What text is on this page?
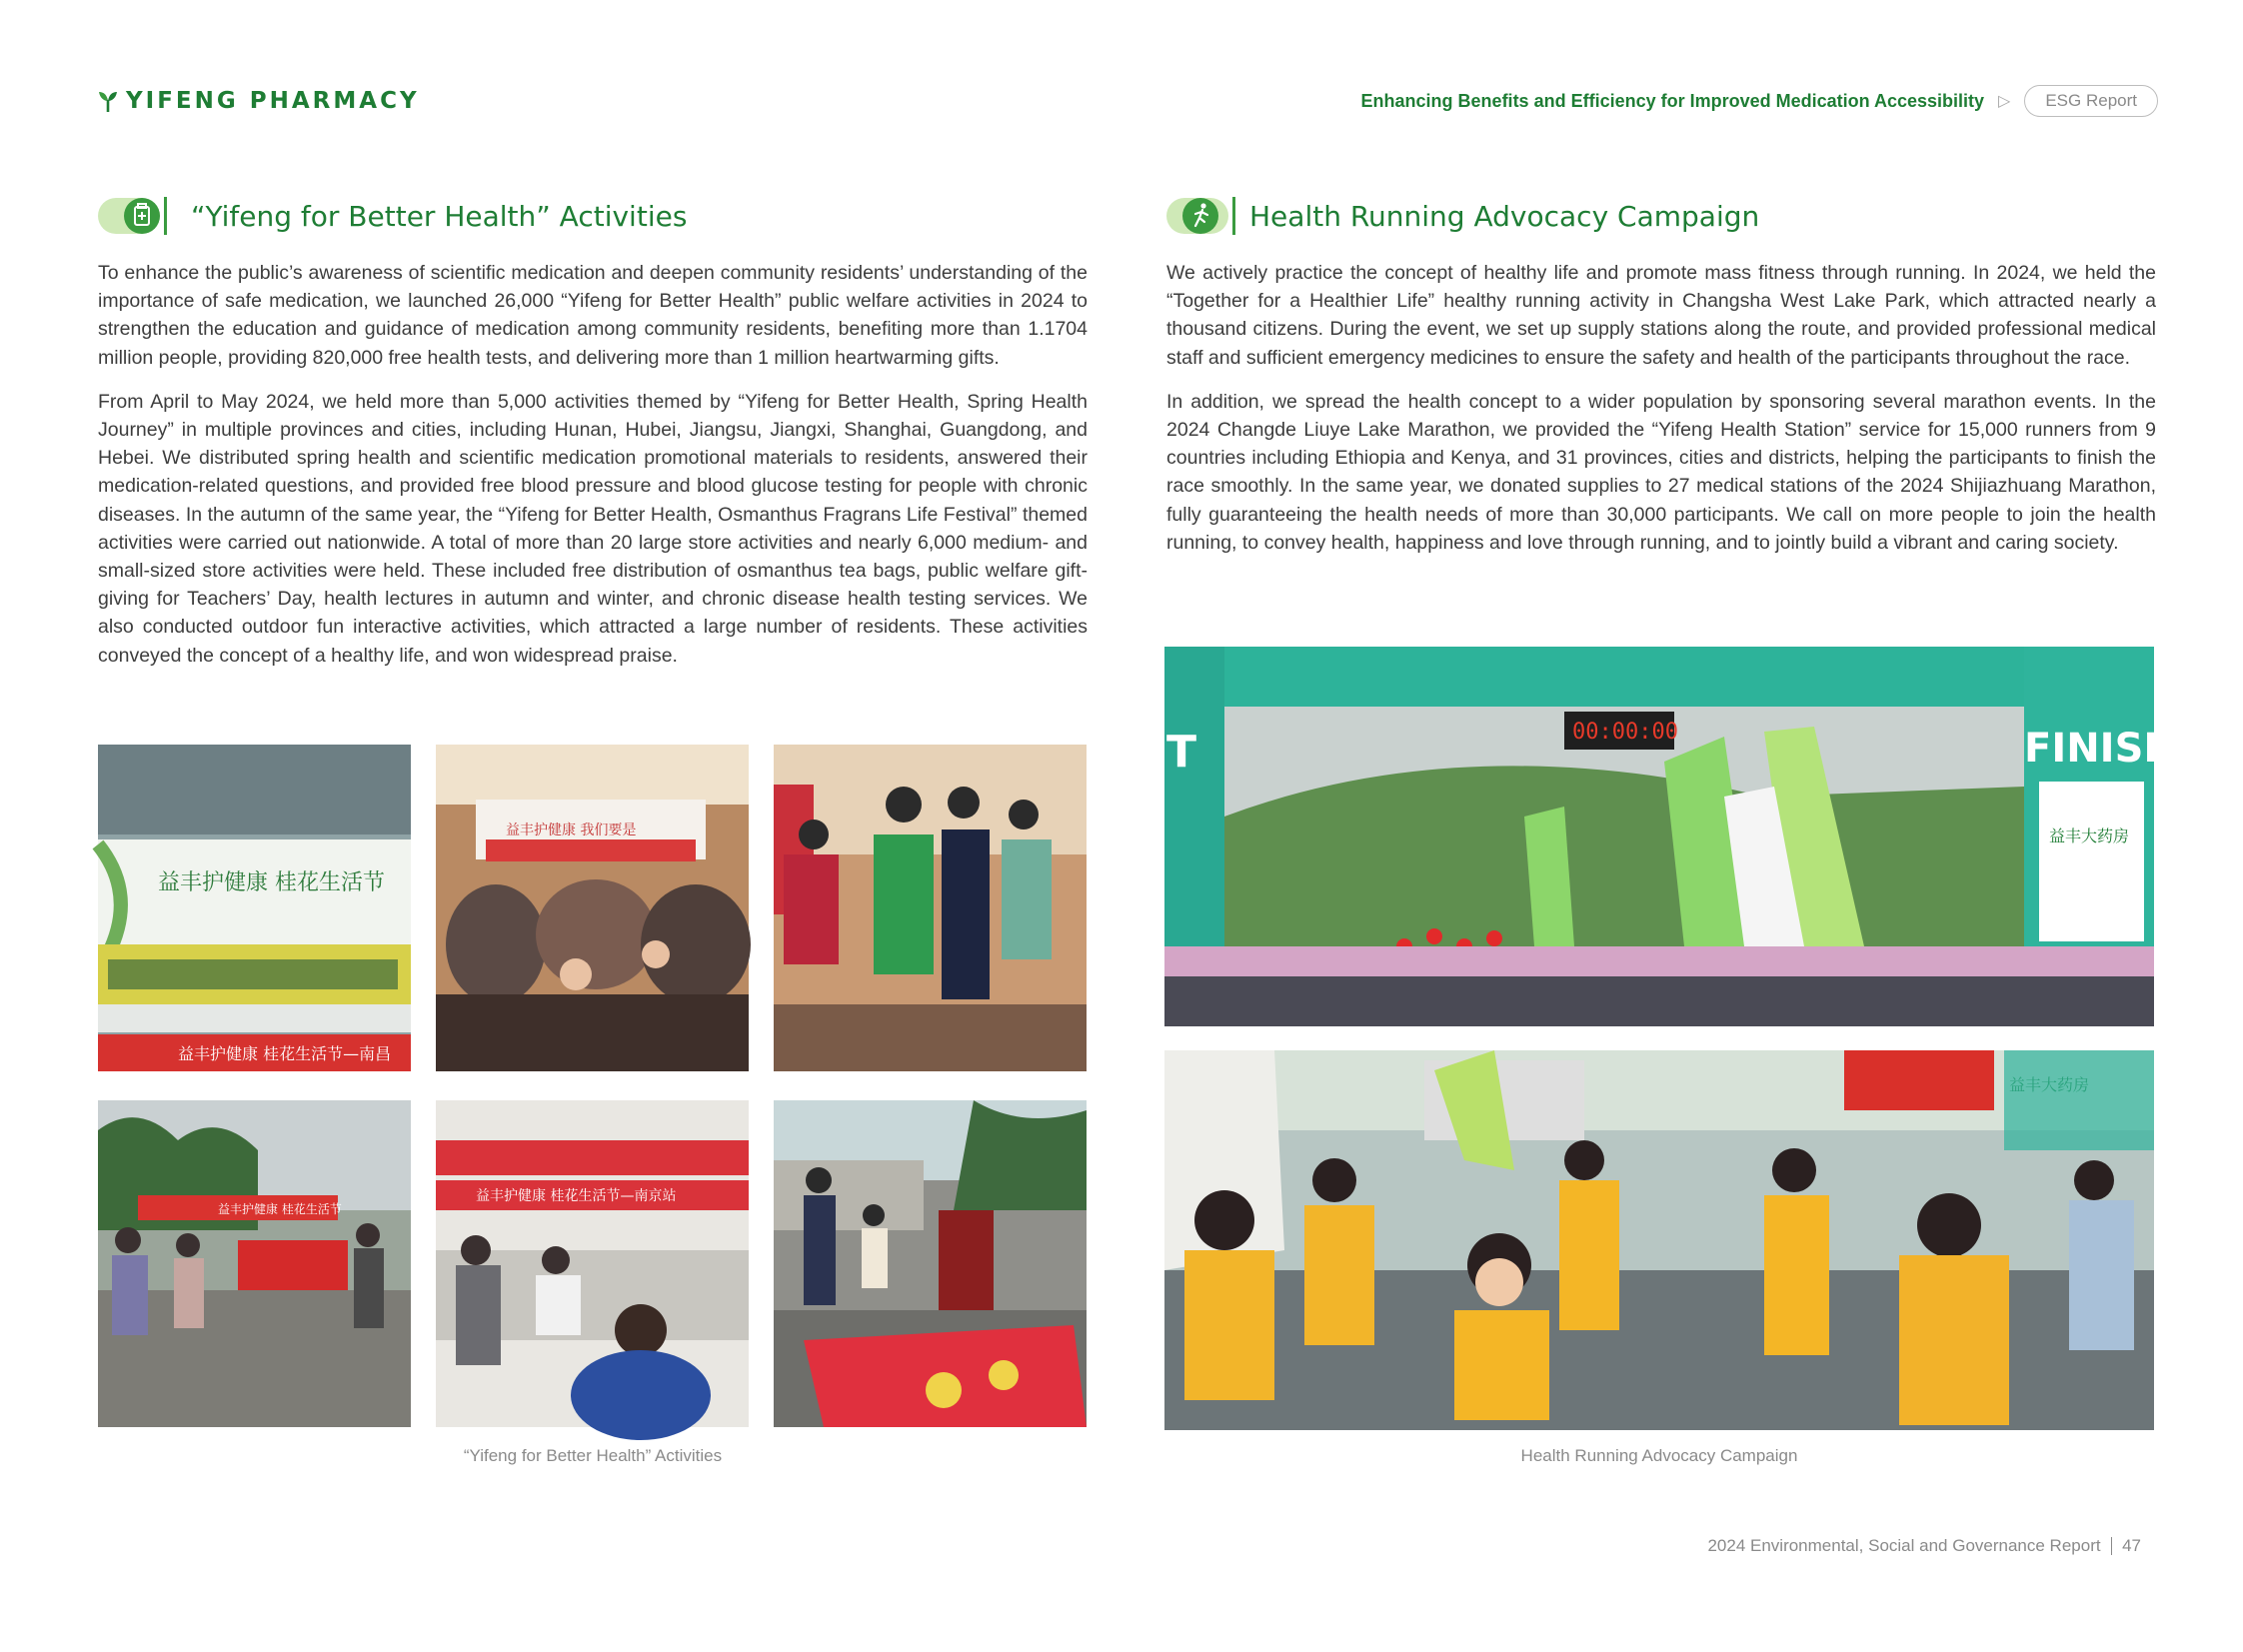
YIFENG PHARMACY	Enhancing Benefits and Efficiency for Improved Medication Accessibility ▷	ESG Report
“Yifeng for Better Health” Activities	Health Running Advocacy Campaign

To enhance the public’s awareness of scientific medication and deepen community residents’ understanding of the importance of safe medication, we launched 26,000 “Yifeng for Better Health” public welfare activities in 2024 to strengthen the education and guidance of medication among community residents, benefiting more than 1.1704 million people, providing 820,000 free health tests, and delivering more than 1 million heartwarming gifts.

From April to May 2024, we held more than 5,000 activities themed by “Yifeng for Better Health, Spring Health Journey” in multiple provinces and cities, including Hunan, Hubei, Jiangsu, Jiangxi, Shanghai, Guangdong, and Hebei. We distributed spring health and scientific medication promotional materials to residents, answered their medication-related questions, and provided free blood pressure and blood glucose testing for people with chronic diseases. In the autumn of the same year, the “Yifeng for Better Health, Osmanthus Fragrans Life Festival” themed activities were carried out nationwide. A total of more than 20 large store activities and nearly 6,000 medium- and small-sized store activities were held. These included free distribution of osmanthus tea bags, public welfare gift-giving for Teachers’ Day, health lectures in autumn and winter, and chronic disease health testing services. We also conducted outdoor fun interactive activities, which attracted a large number of residents. These activities conveyed the concept of a healthy life, and won widespread praise.

We actively practice the concept of healthy life and promote mass fitness through running. In 2024, we held the “Together for a Healthier Life” healthy running activity in Changsha West Lake Park, which attracted nearly a thousand citizens. During the event, we set up supply stations along the route, and provided professional medical staff and sufficient emergency medicines to ensure the safety and health of the participants throughout the race.

In addition, we spread the health concept to a wider population by sponsoring several marathon events. In the 2024 Changde Liuye Lake Marathon, we provided the “Yifeng Health Station” service for 15,000 runners from 9 countries including Ethiopia and Kenya, and 31 provinces, cities and districts, helping the participants to finish the race smoothly. In the same year, we donated supplies to 27 medical stations of the 2024 Shijiazhuang Marathon, fully guaranteeing the health needs of more than 30,000 participants. We call on more people to join the health running, to convey health, happiness and love through running, and to jointly build a vibrant and caring society.

益丰护健康 桂花生活节
益丰护健康 桂花生活节—南昌
益丰护健康 我们要是
益丰护健康 桂花生活节
益丰护健康 桂花生活节—南京站
“Yifeng for Better Health” Activities
T	FINISH
益丰大药房
00:00:00
Health Running Advocacy Campaign
2024 Environmental, Social and Governance Report 47
